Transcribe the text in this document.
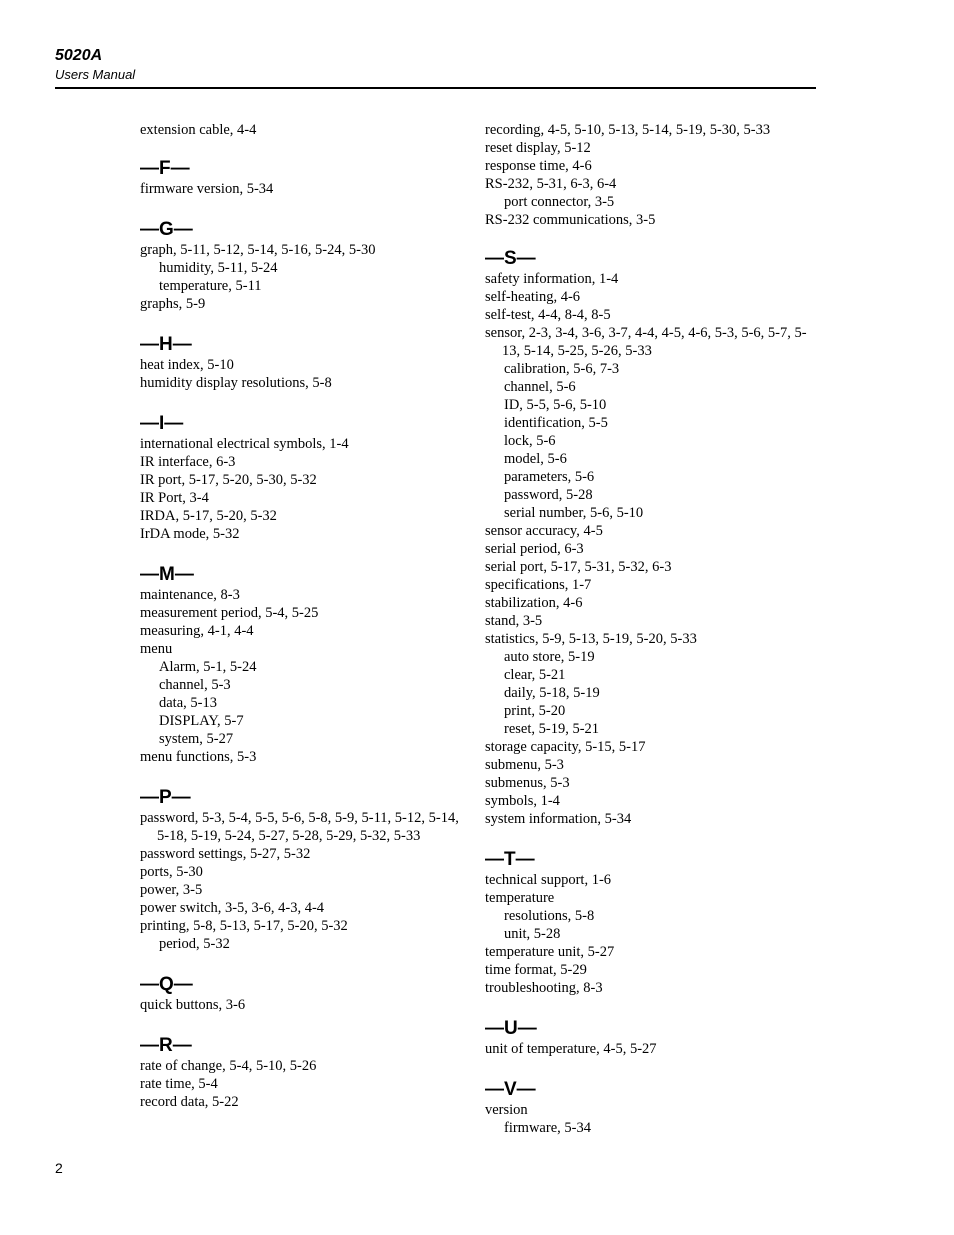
5020A
Users Manual
extension cable, 4-4
—F—
firmware version, 5-34
—G—
graph, 5-11, 5-12, 5-14, 5-16, 5-24, 5-30
humidity, 5-11, 5-24
temperature, 5-11
graphs, 5-9
—H—
heat index, 5-10
humidity display resolutions, 5-8
—I—
international electrical symbols, 1-4
IR interface, 6-3
IR port, 5-17, 5-20, 5-30, 5-32
IR Port, 3-4
IRDA, 5-17, 5-20, 5-32
IrDA mode, 5-32
—M—
maintenance, 8-3
measurement period, 5-4, 5-25
measuring, 4-1, 4-4
menu
Alarm, 5-1, 5-24
channel, 5-3
data, 5-13
DISPLAY, 5-7
system, 5-27
menu functions, 5-3
—P—
password, 5-3, 5-4, 5-5, 5-6, 5-8, 5-9, 5-11, 5-12, 5-14, 5-18, 5-19, 5-24, 5-27, 5-28, 5-29, 5-32, 5-33
password settings, 5-27, 5-32
ports, 5-30
power, 3-5
power switch, 3-5, 3-6, 4-3, 4-4
printing, 5-8, 5-13, 5-17, 5-20, 5-32
period, 5-32
—Q—
quick buttons, 3-6
—R—
rate of change, 5-4, 5-10, 5-26
rate time, 5-4
record data, 5-22
recording, 4-5, 5-10, 5-13, 5-14, 5-19, 5-30, 5-33
reset display, 5-12
response time, 4-6
RS-232, 5-31, 6-3, 6-4
port connector, 3-5
RS-232 communications, 3-5
—S—
safety information, 1-4
self-heating, 4-6
self-test, 4-4, 8-4, 8-5
sensor, 2-3, 3-4, 3-6, 3-7, 4-4, 4-5, 4-6, 5-3, 5-6, 5-7, 5-13, 5-14, 5-25, 5-26, 5-33
calibration, 5-6, 7-3
channel, 5-6
ID, 5-5, 5-6, 5-10
identification, 5-5
lock, 5-6
model, 5-6
parameters, 5-6
password, 5-28
serial number, 5-6, 5-10
sensor accuracy, 4-5
serial period, 6-3
serial port, 5-17, 5-31, 5-32, 6-3
specifications, 1-7
stabilization, 4-6
stand, 3-5
statistics, 5-9, 5-13, 5-19, 5-20, 5-33
auto store, 5-19
clear, 5-21
daily, 5-18, 5-19
print, 5-20
reset, 5-19, 5-21
storage capacity, 5-15, 5-17
submenu, 5-3
submenus, 5-3
symbols, 1-4
system information, 5-34
—T—
technical support, 1-6
temperature
resolutions, 5-8
unit, 5-28
temperature unit, 5-27
time format, 5-29
troubleshooting, 8-3
—U—
unit of temperature, 4-5, 5-27
—V—
version
firmware, 5-34
2
